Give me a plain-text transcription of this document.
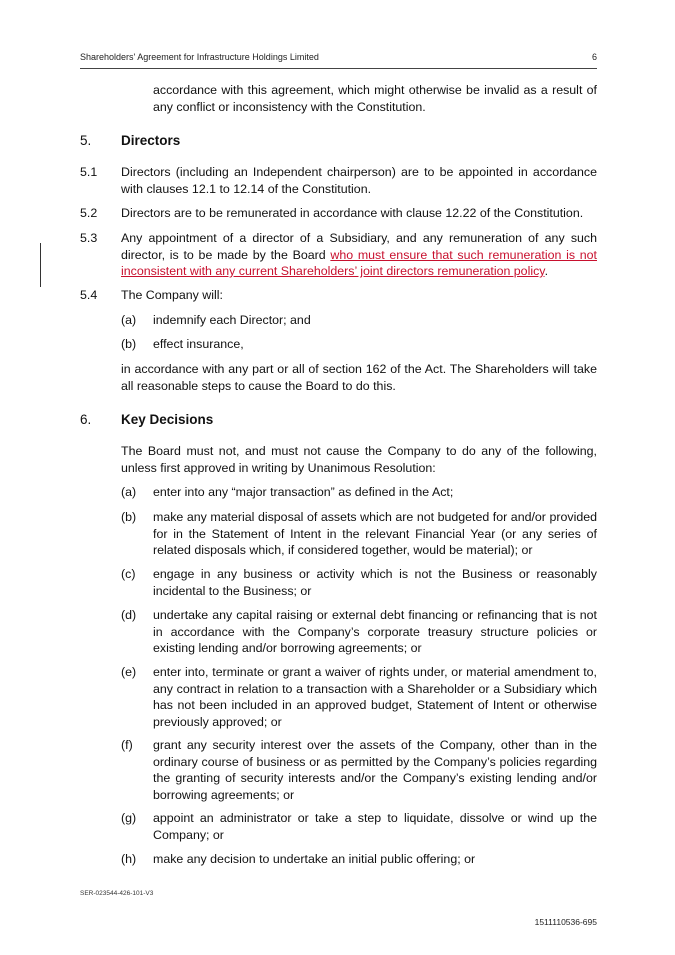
Shareholders' Agreement for Infrastructure Holdings Limited	6

accordance with this agreement, which might otherwise be invalid as a result of any conflict or inconsistency with the Constitution.
5. Directors
5.1 Directors (including an Independent chairperson) are to be appointed in accordance with clauses 12.1 to 12.14 of the Constitution.
5.2 Directors are to be remunerated in accordance with clause 12.22 of the Constitution.
5.3 Any appointment of a director of a Subsidiary, and any remuneration of any such director, is to be made by the Board who must ensure that such remuneration is not inconsistent with any current Shareholders’ joint directors remuneration policy.
5.4 The Company will:
(a) indemnify each Director; and
(b) effect insurance,
in accordance with any part or all of section 162 of the Act. The Shareholders will take all reasonable steps to cause the Board to do this.
6. Key Decisions
The Board must not, and must not cause the Company to do any of the following, unless first approved in writing by Unanimous Resolution:
(a) enter into any “major transaction” as defined in the Act;
(b) make any material disposal of assets which are not budgeted for and/or provided for in the Statement of Intent in the relevant Financial Year (or any series of related disposals which, if considered together, would be material); or
(c) engage in any business or activity which is not the Business or reasonably incidental to the Business; or
(d) undertake any capital raising or external debt financing or refinancing that is not in accordance with the Company’s corporate treasury structure policies or existing lending and/or borrowing agreements; or
(e) enter into, terminate or grant a waiver of rights under, or material amendment to, any contract in relation to a transaction with a Shareholder or a Subsidiary which has not been included in an approved budget, Statement of Intent or otherwise previously approved; or
(f) grant any security interest over the assets of the Company, other than in the ordinary course of business or as permitted by the Company’s policies regarding the granting of security interests and/or the Company’s existing lending and/or borrowing agreements; or
(g) appoint an administrator or take a step to liquidate, dissolve or wind up the Company; or
(h) make any decision to undertake an initial public offering; or
SER-023544-426-101-V3
1511110536-695
